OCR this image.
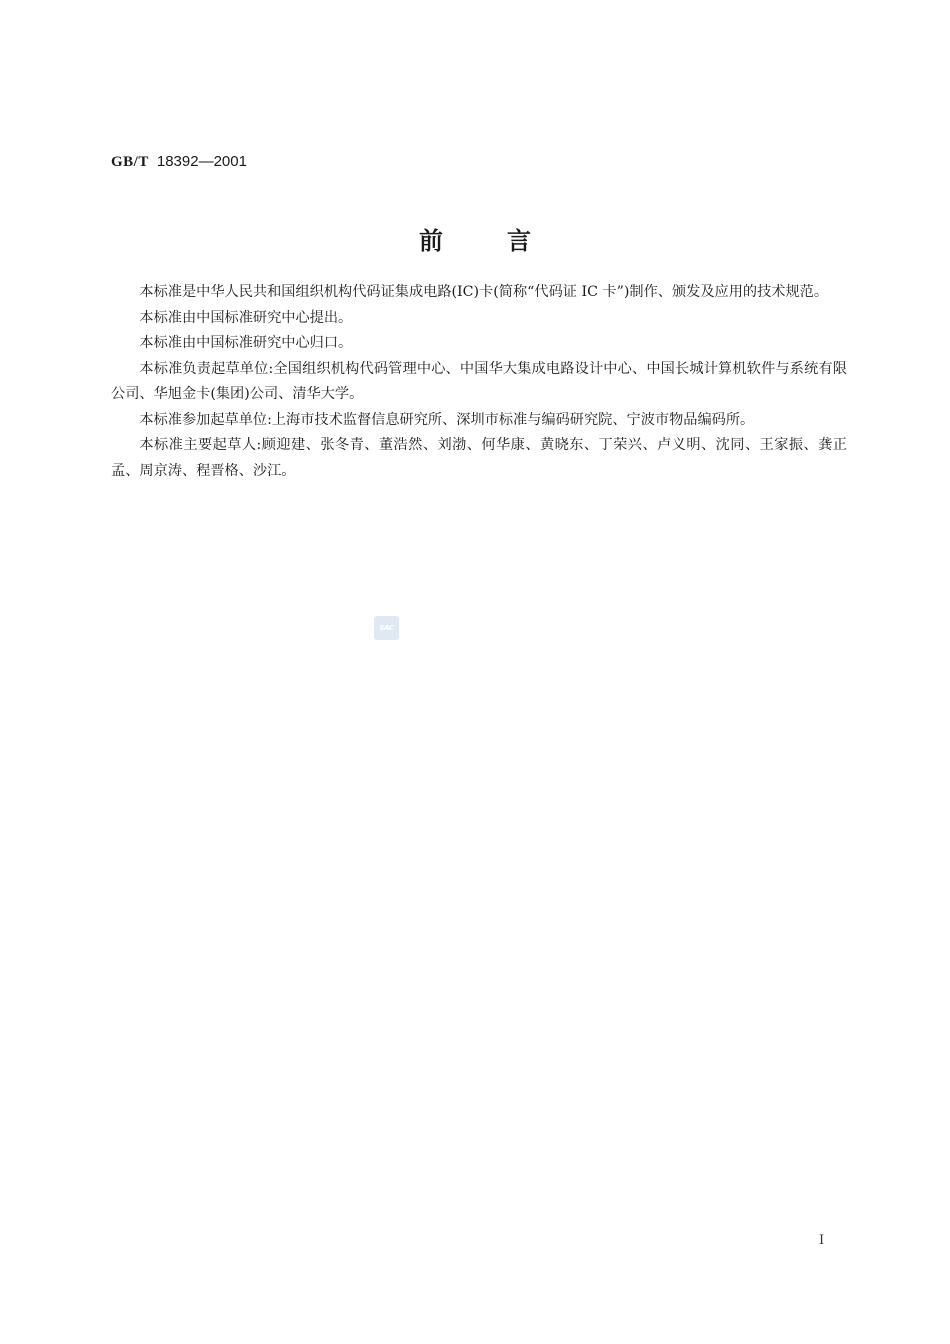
GB/T 18392—2001
前言

本标准是中华人民共和国组织机构代码证集成电路(IC)卡(简称“代码证 IC 卡”)制作、颁发及应用的技术规范。

本标准由中国标准研究中心提出。

本标准由中国标准研究中心归口。

本标准负责起草单位:全国组织机构代码管理中心、中国华大集成电路设计中心、中国长城计算机软件与系统有限公司、华旭金卡(集团)公司、清华大学。

本标准参加起草单位:上海市技术监督信息研究所、深圳市标准与编码研究院、宁波市物品编码所。

本标准主要起草人:顾迎建、张冬青、董浩然、刘渤、何华康、黄晓东、丁荣兴、卢义明、沈同、王家振、龚正孟、周京涛、程晋格、沙江。

SAC
I
